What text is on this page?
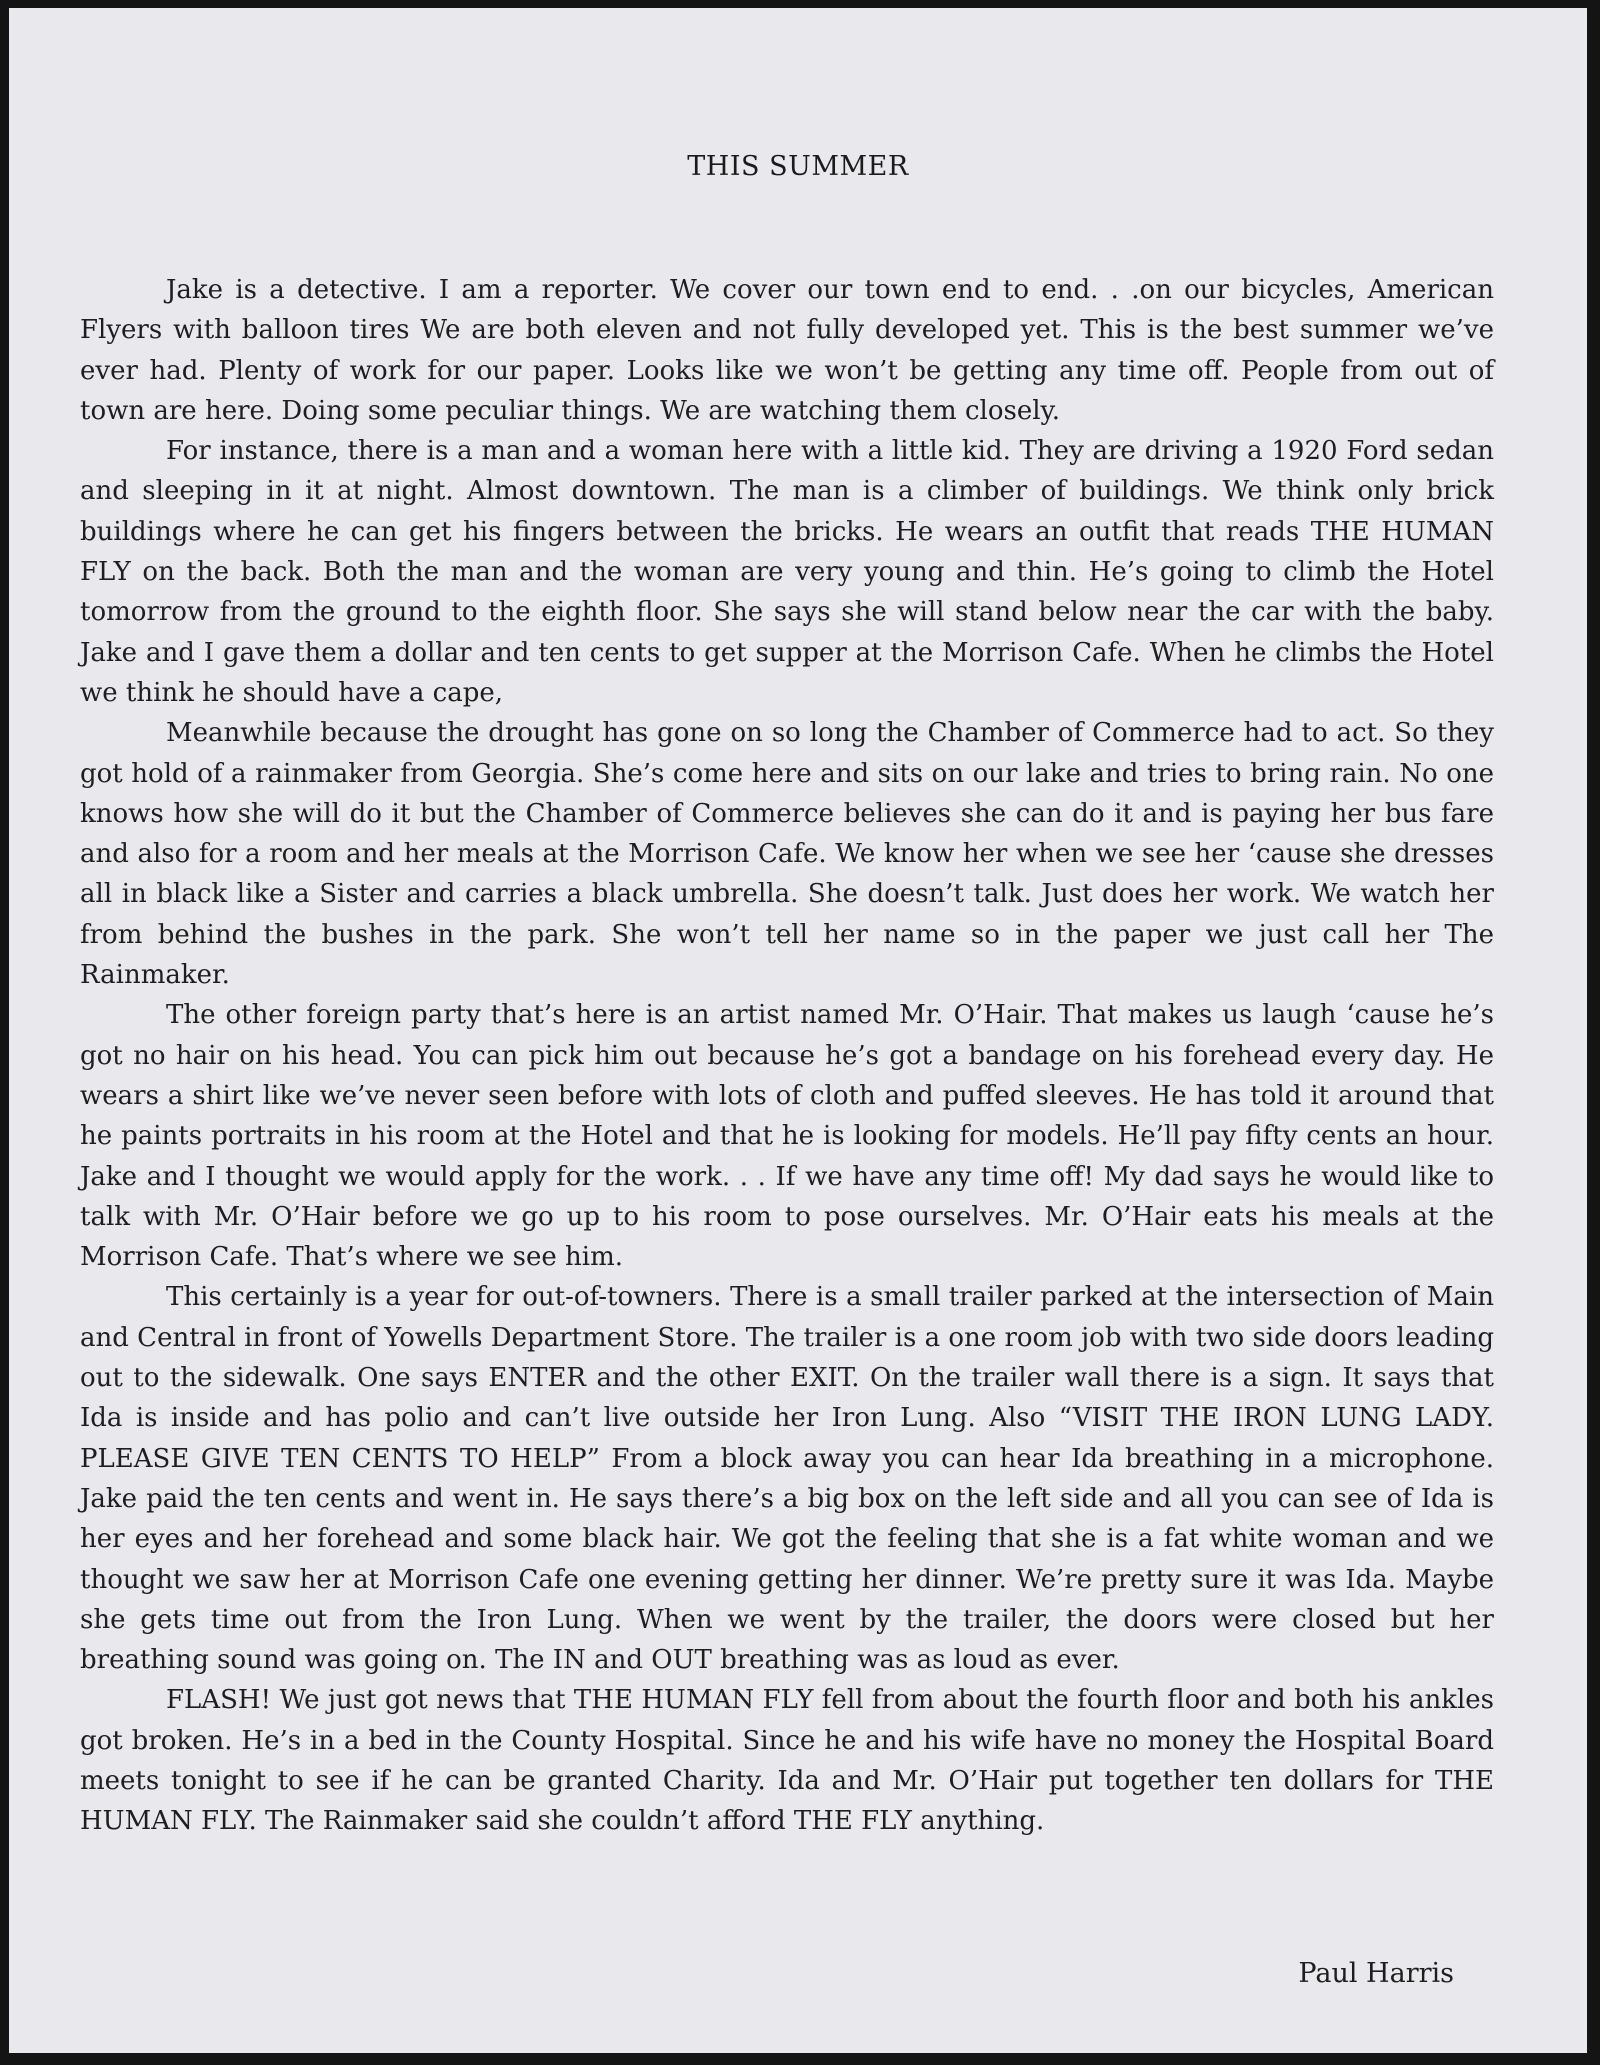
THIS SUMMER

Jake is a detective. I am a reporter. We cover our town end to end. . .on our bicycles, American Flyers with balloon tires We are both eleven and not fully developed yet. This is the best summer we’ve ever had. Plenty of work for our paper. Looks like we won’t be getting any time off. People from out of town are here. Doing some peculiar things. We are watching them closely.

For instance, there is a man and a woman here with a little kid. They are driving a 1920 Ford sedan and sleeping in it at night. Almost downtown. The man is a climber of buildings. We think only brick buildings where he can get his fingers between the bricks. He wears an outfit that reads THE HUMAN FLY on the back. Both the man and the woman are very young and thin. He’s going to climb the Hotel tomorrow from the ground to the eighth floor. She says she will stand below near the car with the baby. Jake and I gave them a dollar and ten cents to get supper at the Morrison Cafe. When he climbs the Hotel we think he should have a cape,

Meanwhile because the drought has gone on so long the Chamber of Commerce had to act. So they got hold of a rainmaker from Georgia. She’s come here and sits on our lake and tries to bring rain. No one knows how she will do it but the Chamber of Commerce believes she can do it and is paying her bus fare and also for a room and her meals at the Morrison Cafe. We know her when we see her ‘cause she dresses all in black like a Sister and carries a black umbrella. She doesn’t talk. Just does her work. We watch her from behind the bushes in the park. She won’t tell her name so in the paper we just call her The Rainmaker.

The other foreign party that’s here is an artist named Mr. O’Hair. That makes us laugh ‘cause he’s got no hair on his head. You can pick him out because he’s got a bandage on his forehead every day. He wears a shirt like we’ve never seen before with lots of cloth and puffed sleeves. He has told it around that he paints portraits in his room at the Hotel and that he is looking for models. He’ll pay fifty cents an hour. Jake and I thought we would apply for the work. . . If we have any time off! My dad says he would like to talk with Mr. O’Hair before we go up to his room to pose ourselves. Mr. O’Hair eats his meals at the Morrison Cafe. That’s where we see him.

This certainly is a year for out-of-towners. There is a small trailer parked at the intersection of Main and Central in front of Yowells Department Store. The trailer is a one room job with two side doors leading out to the sidewalk. One says ENTER and the other EXIT. On the trailer wall there is a sign. It says that Ida is inside and has polio and can’t live outside her Iron Lung. Also “VISIT THE IRON LUNG LADY. PLEASE GIVE TEN CENTS TO HELP” From a block away you can hear Ida breathing in a microphone. Jake paid the ten cents and went in. He says there’s a big box on the left side and all you can see of Ida is her eyes and her forehead and some black hair. We got the feeling that she is a fat white woman and we thought we saw her at Morrison Cafe one evening getting her dinner. We’re pretty sure it was Ida. Maybe she gets time out from the Iron Lung. When we went by the trailer, the doors were closed but her breathing sound was going on. The IN and OUT breathing was as loud as ever.

FLASH! We just got news that THE HUMAN FLY fell from about the fourth floor and both his ankles got broken. He’s in a bed in the County Hospital. Since he and his wife have no money the Hospital Board meets tonight to see if he can be granted Charity. Ida and Mr. O’Hair put together ten dollars for THE HUMAN FLY. The Rainmaker said she couldn’t afford THE FLY anything.

Paul Harris
